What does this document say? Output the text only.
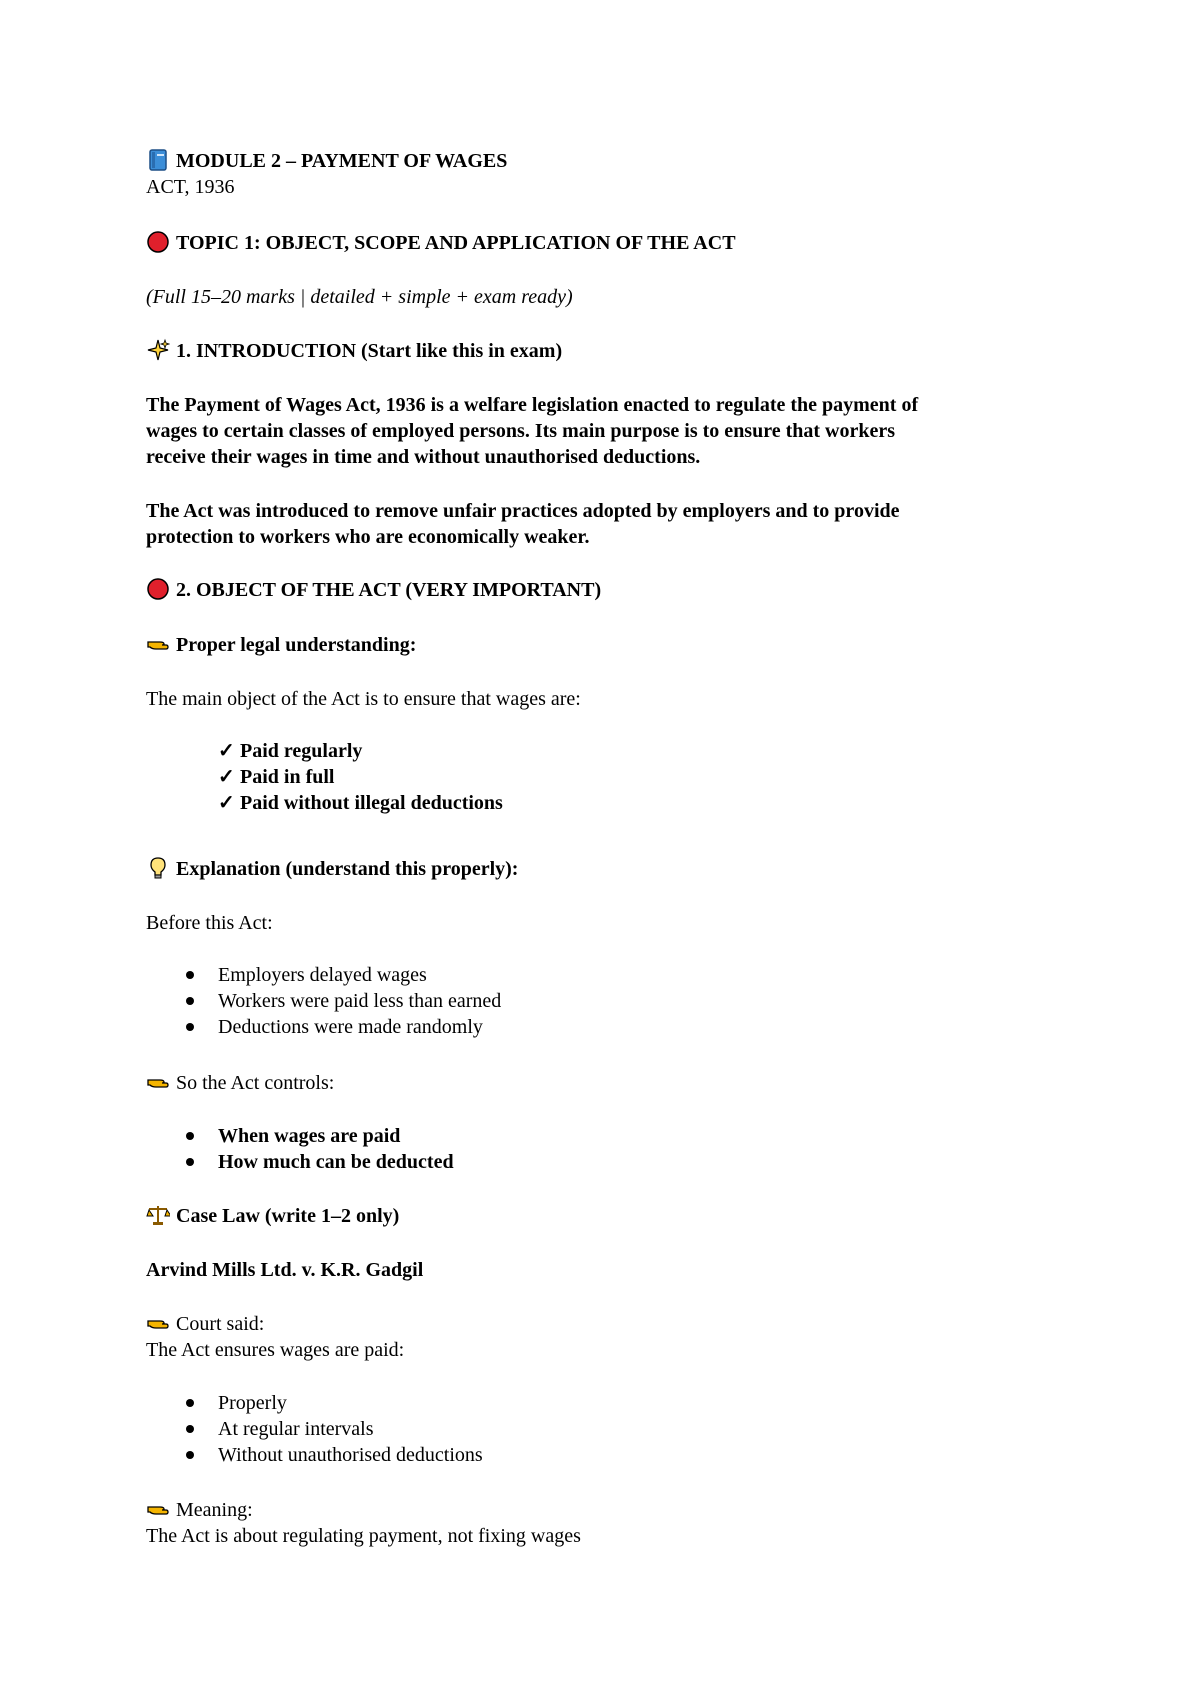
MODULE 2 – PAYMENT OF WAGES
ACT, 1936
TOPIC 1: OBJECT, SCOPE AND APPLICATION OF THE ACT
(Full 15–20 marks | detailed + simple + exam ready)
1. INTRODUCTION (Start like this in exam)
The Payment of Wages Act, 1936 is a welfare legislation enacted to regulate the payment of
wages to certain classes of employed persons. Its main purpose is to ensure that workers
receive their wages in time and without unauthorised deductions.
The Act was introduced to remove unfair practices adopted by employers and to provide
protection to workers who are economically weaker.
2. OBJECT OF THE ACT (VERY IMPORTANT)
Proper legal understanding:
The main object of the Act is to ensure that wages are:
✓ Paid regularly
✓ Paid in full
✓ Paid without illegal deductions
Explanation (understand this properly):
Before this Act:
Employers delayed wages
Workers were paid less than earned
Deductions were made randomly
So the Act controls:
When wages are paid
How much can be deducted
Case Law (write 1–2 only)
Arvind Mills Ltd. v. K.R. Gadgil
Court said:
The Act ensures wages are paid:
Properly
At regular intervals
Without unauthorised deductions
Meaning:
The Act is about regulating payment, not fixing wages
